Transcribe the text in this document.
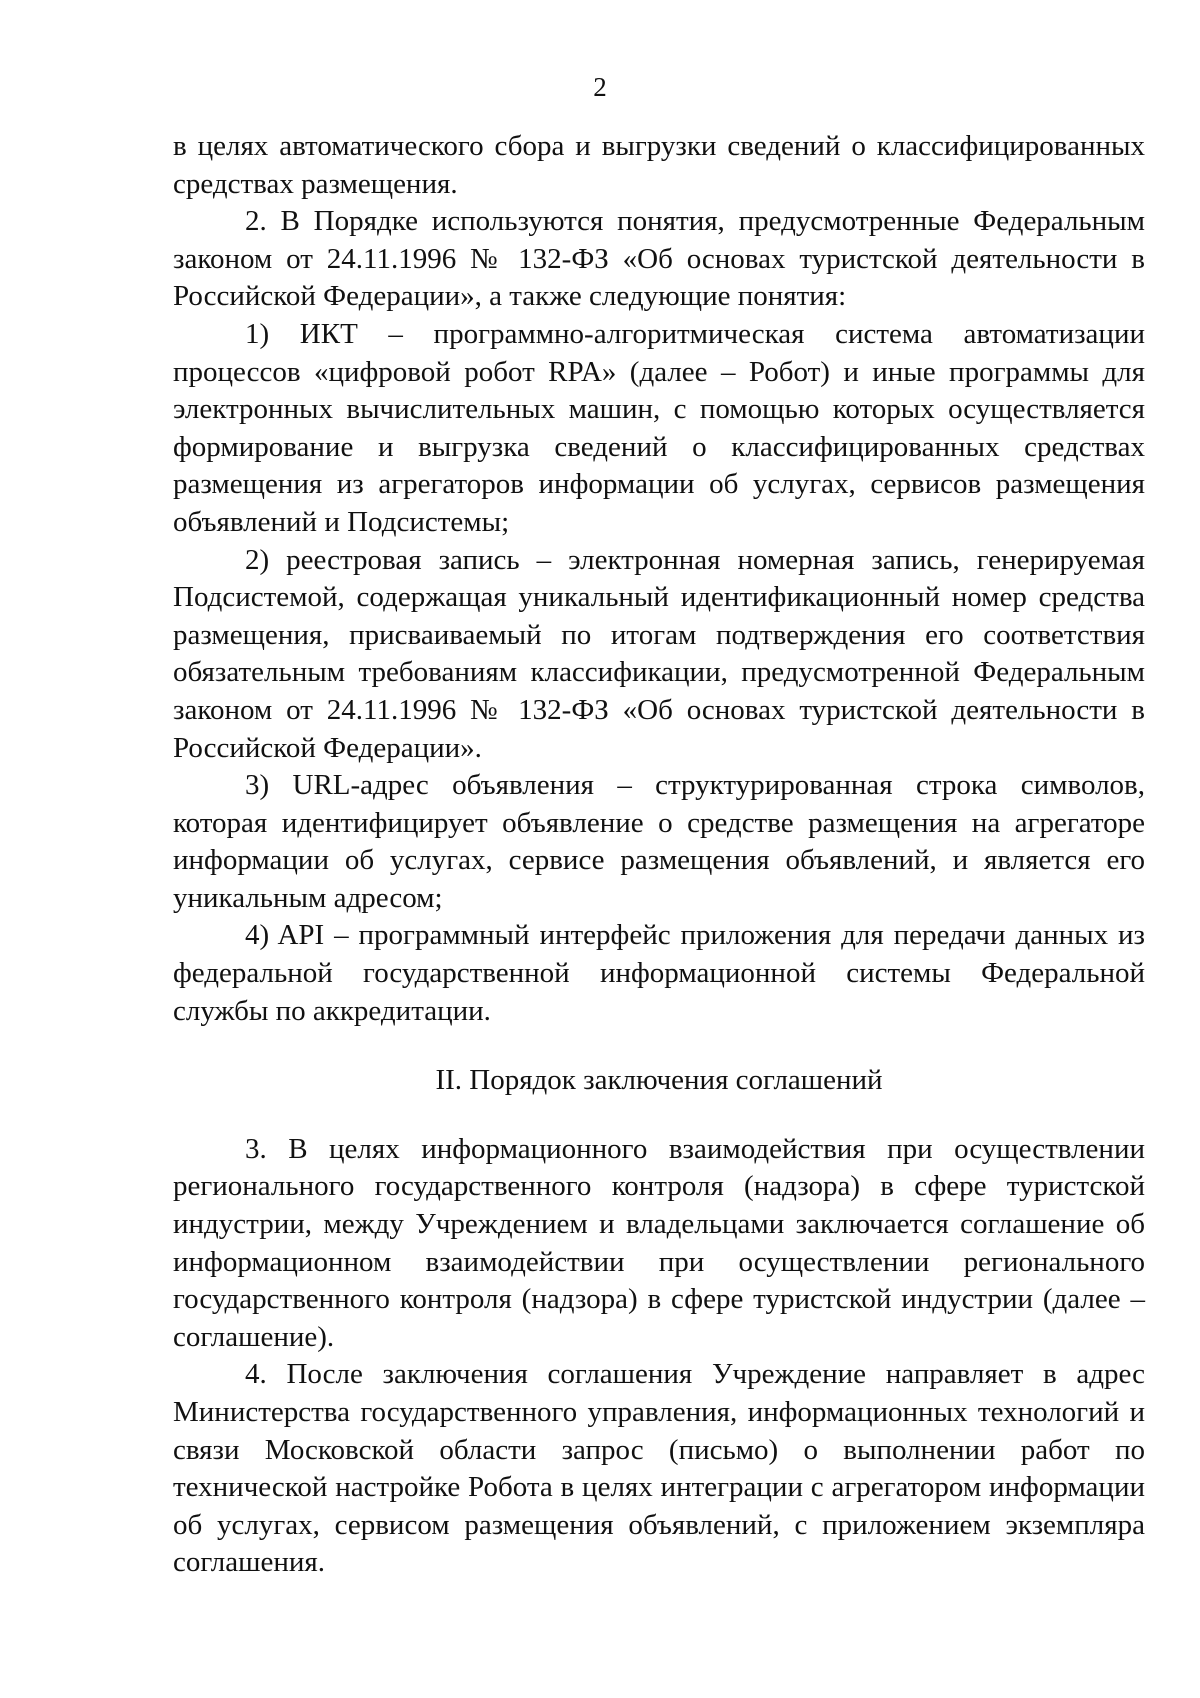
2

в целях автоматического сбора и выгрузки сведений о классифицированных средствах размещения.

2. В Порядке используются понятия, предусмотренные Федеральным законом от 24.11.1996 № 132-ФЗ «Об основах туристской деятельности в Российской Федерации», а также следующие понятия:

1) ИКТ – программно-алгоритмическая система автоматизации процессов «цифровой робот RPA» (далее – Робот) и иные программы для электронных вычислительных машин, с помощью которых осуществляется формирование и выгрузка сведений о классифицированных средствах размещения из агрегаторов информации об услугах, сервисов размещения объявлений и Подсистемы;

2) реестровая запись – электронная номерная запись, генерируемая Подсистемой, содержащая уникальный идентификационный номер средства размещения, присваиваемый по итогам подтверждения его соответствия обязательным требованиям классификации, предусмотренной Федеральным законом от 24.11.1996 № 132-ФЗ «Об основах туристской деятельности в Российской Федерации».

3) URL-адрес объявления – структурированная строка символов, которая идентифицирует объявление о средстве размещения на агрегаторе информации об услугах, сервисе размещения объявлений, и является его уникальным адресом;

4) API – программный интерфейс приложения для передачи данных из федеральной государственной информационной системы Федеральной службы по аккредитации.

II. Порядок заключения соглашений

3. В целях информационного взаимодействия при осуществлении регионального государственного контроля (надзора) в сфере туристской индустрии, между Учреждением и владельцами заключается соглашение об информационном взаимодействии при осуществлении регионального государственного контроля (надзора) в сфере туристской индустрии (далее – соглашение).

4. После заключения соглашения Учреждение направляет в адрес Министерства государственного управления, информационных технологий и связи Московской области запрос (письмо) о выполнении работ по технической настройке Робота в целях интеграции с агрегатором информации об услугах, сервисом размещения объявлений, с приложением экземпляра соглашения.
